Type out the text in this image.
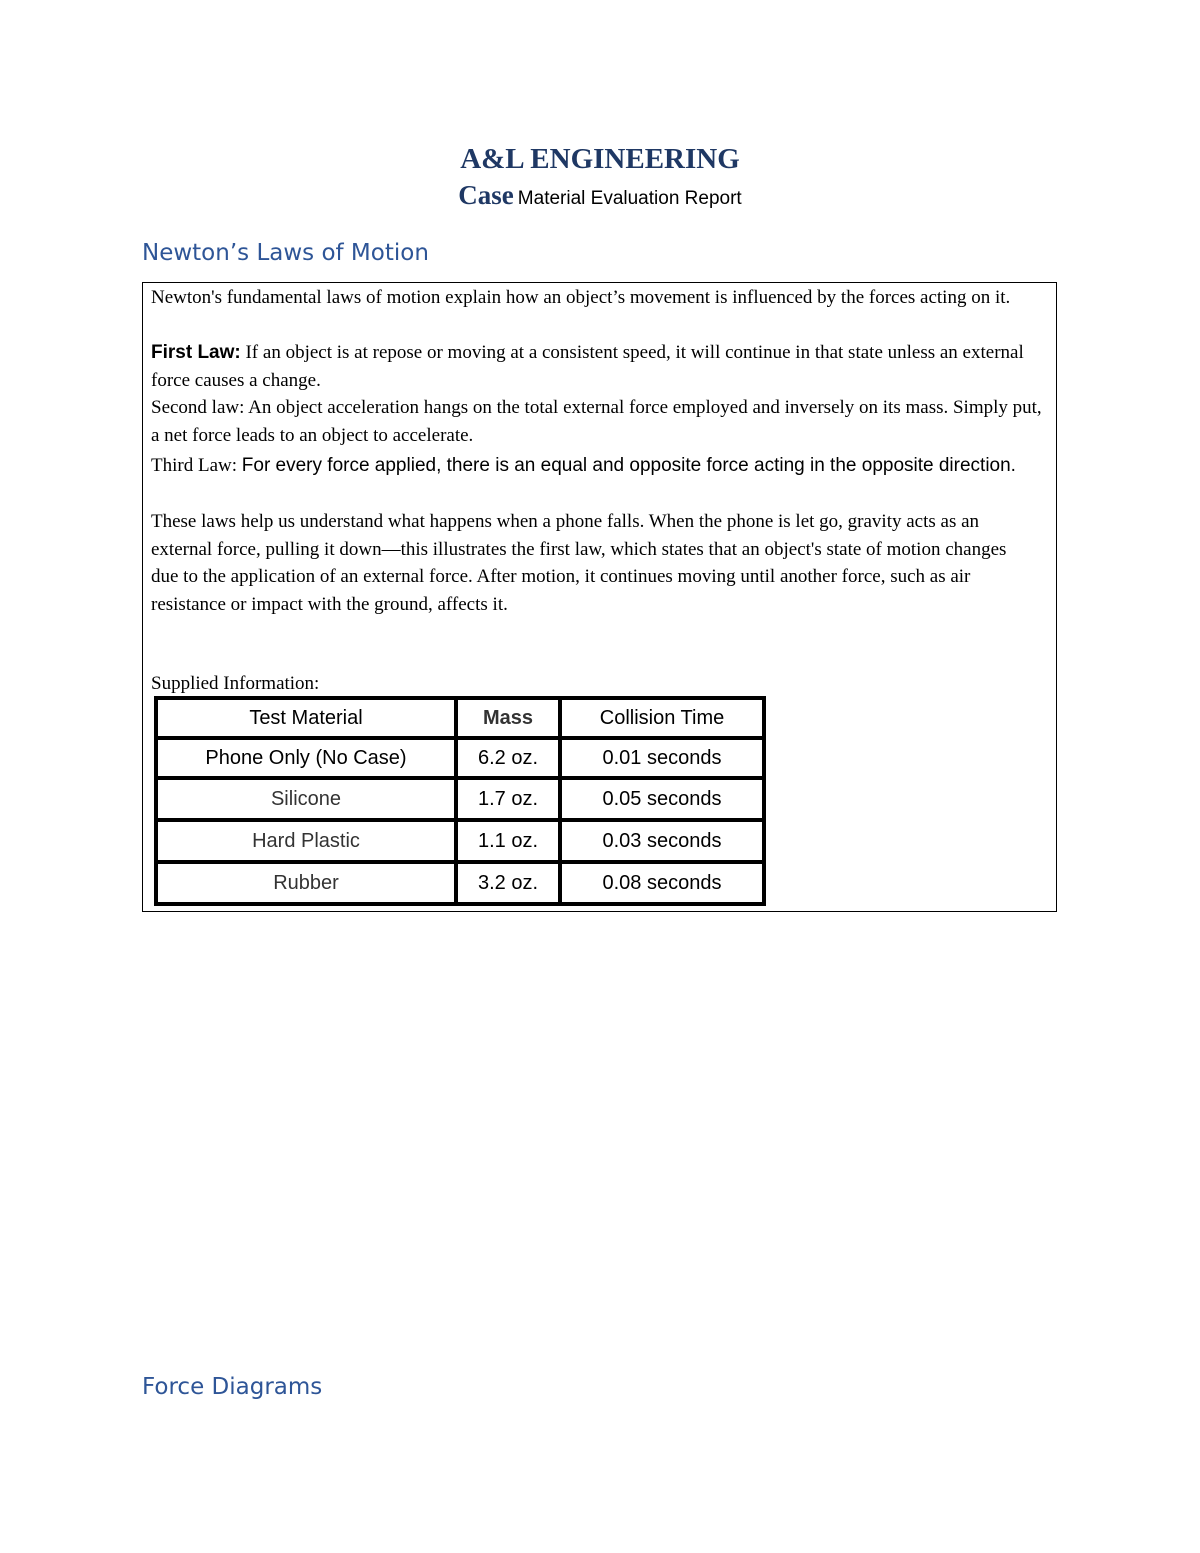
A&L ENGINEERING
Case Material Evaluation Report
Newton’s Laws of Motion
Newton's fundamental laws of motion explain how an object’s movement is influenced by the forces acting on it.
First Law: If an object is at repose or moving at a consistent speed, it will continue in that state unless an external force causes a change.
Second law: An object acceleration hangs on the total external force employed and inversely on its mass. Simply put, a net force leads to an object to accelerate.
Third Law: For every force applied, there is an equal and opposite force acting in the opposite direction.
These laws help us understand what happens when a phone falls. When the phone is let go, gravity acts as an external force, pulling it down—this illustrates the first law, which states that an object's state of motion changes due to the application of an external force. After motion, it continues moving until another force, such as air resistance or impact with the ground, affects it.
Supplied Information:
Test Material	Mass	Collision Time
Phone Only (No Case)	6.2 oz.	0.01 seconds
Silicone	1.7 oz.	0.05 seconds
Hard Plastic	1.1 oz.	0.03 seconds
Rubber	3.2 oz.	0.08 seconds
Force Diagrams
